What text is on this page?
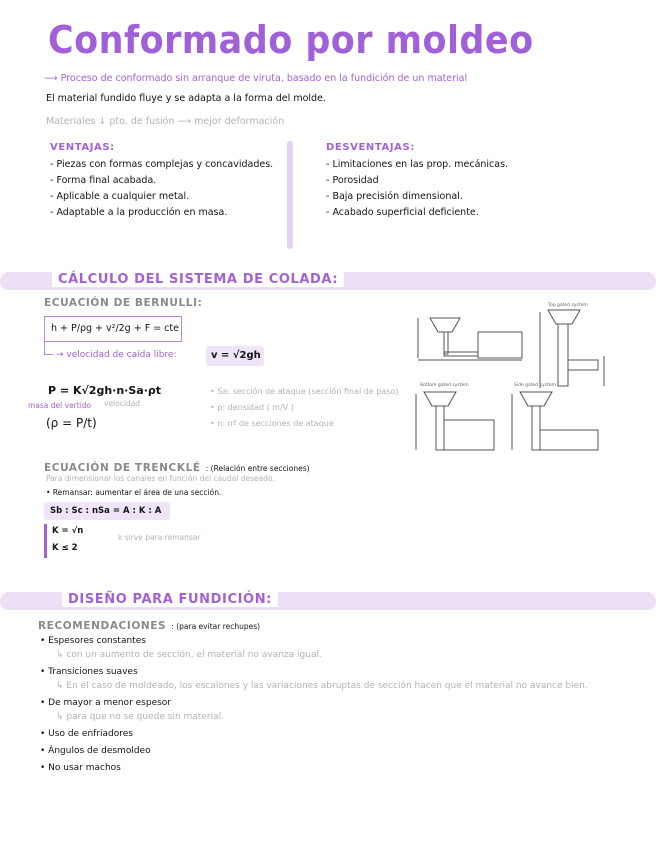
Conformado por moldeo
⟶ Proceso de conformado sin arranque de viruta, basado en la fundición de un material
El material fundido fluye y se adapta a la forma del molde.
Materiales ↓ pto. de fusión ⟶ mejor deformación
VENTAJAS:
- Piezas con formas complejas y concavidades.
- Forma final acabada.
- Aplicable a cualquier metal.
- Adaptable a la producción en masa.
DESVENTAJAS:
- Limitaciones en las prop. mecánicas.
- Porosidad
- Baja precisión dimensional.
- Acabado superficial deficiente.
CÁLCULO DEL SISTEMA DE COLADA:
ECUACIÓN DE BERNULLI:
h + P/ρg + v²/2g + F = cte
→ velocidad de caída libre:	v = √2gh
P = K√2gh·n·Sa·ρt
masa del vertido velocidad
(ρ = P/t)
• Sa: sección de ataque (sección final de paso)
• ρ: densidad ( m/V )
• n: nº de secciones de ataque
Top gated system
Bottom gated system	Side gated system
ECUACIÓN DE TRENCKLÉ : (Relación entre secciones)
Para dimensionar los canales en función del caudal deseado.
• Remansar: aumentar el área de una sección.
Sb : Sc : nSa = A : K : A
K = √n
K ≤ 2
k sirve para remansar
DISEÑO PARA FUNDICIÓN:
RECOMENDACIONES : (para evitar rechupes)
• Espesores constantes
↳ con un aumento de sección, el material no avanza igual.
• Transiciones suaves
↳ En el caso de moldeado, los escalones y las variaciones abruptas de sección hacen que el material no avance bien.
• De mayor a menor espesor
↳ para que no se quede sin material.
• Uso de enfriadores
• Ángulos de desmoldeo
• No usar machos
